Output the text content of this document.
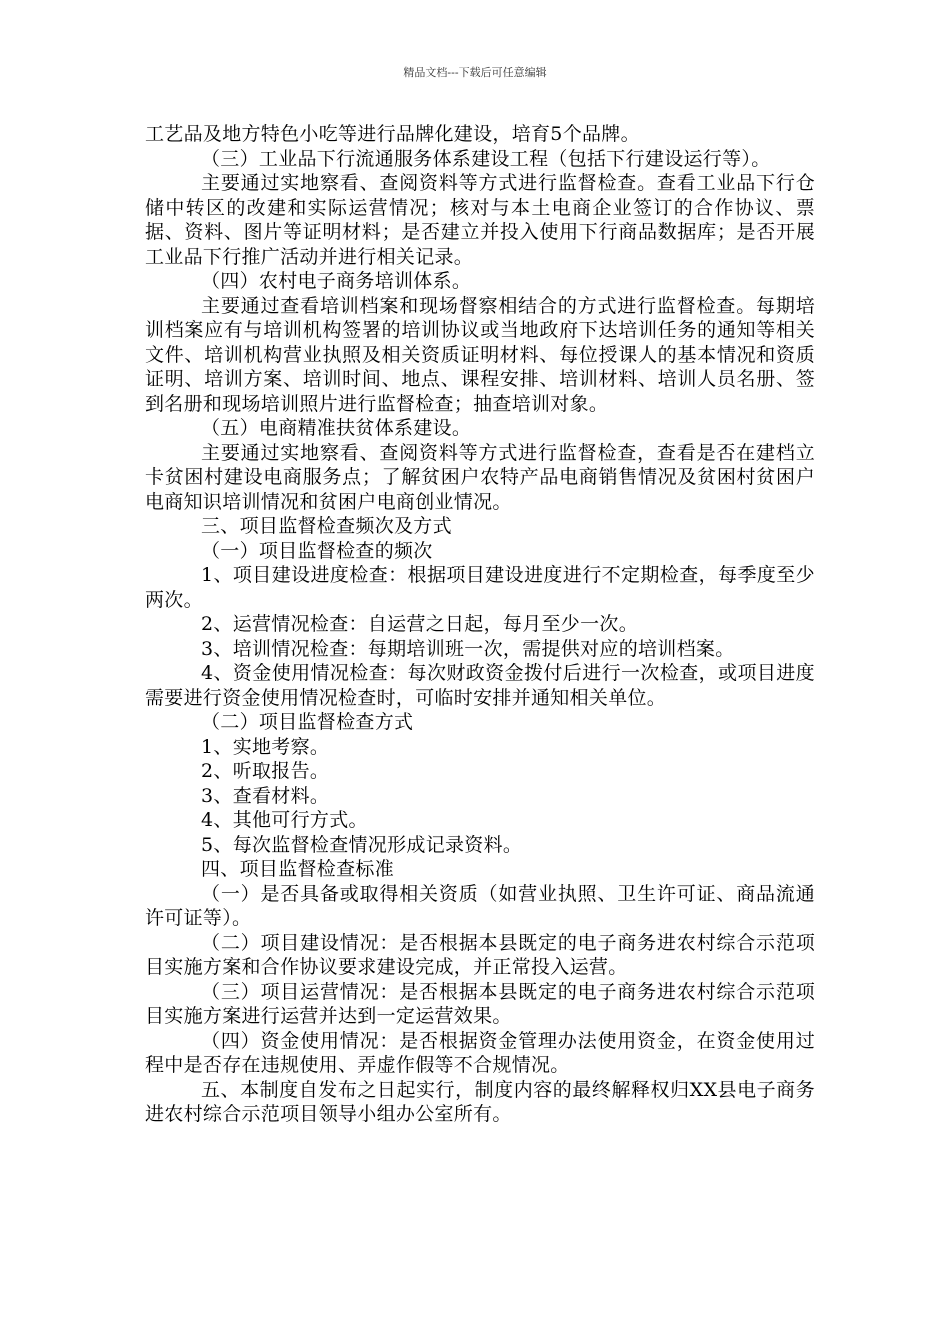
精品文档---下载后可任意编辑

工艺品及地方特色小吃等进行品牌化建设，培育5个品牌。

（三）工业品下行流通服务体系建设工程（包括下行建设运行等）。

主要通过实地察看、查阅资料等方式进行监督检查。查看工业品下行仓储中转区的改建和实际运营情况；核对与本土电商企业签订的合作协议、票据、资料、图片等证明材料；是否建立并投入使用下行商品数据库；是否开展工业品下行推广活动并进行相关记录。

（四）农村电子商务培训体系。

主要通过查看培训档案和现场督察相结合的方式进行监督检查。每期培训档案应有与培训机构签署的培训协议或当地政府下达培训任务的通知等相关文件、培训机构营业执照及相关资质证明材料、每位授课人的基本情况和资质证明、培训方案、培训时间、地点、课程安排、培训材料、培训人员名册、签到名册和现场培训照片进行监督检查；抽查培训对象。

（五）电商精准扶贫体系建设。

主要通过实地察看、查阅资料等方式进行监督检查，查看是否在建档立卡贫困村建设电商服务点；了解贫困户农特产品电商销售情况及贫困村贫困户电商知识培训情况和贫困户电商创业情况。

三、项目监督检查频次及方式

（一）项目监督检查的频次

1、项目建设进度检查：根据项目建设进度进行不定期检查，每季度至少两次。

2、运营情况检查：自运营之日起，每月至少一次。

3、培训情况检查：每期培训班一次，需提供对应的培训档案。

4、资金使用情况检查：每次财政资金拨付后进行一次检查，或项目进度需要进行资金使用情况检查时，可临时安排并通知相关单位。

（二）项目监督检查方式

1、实地考察。

2、听取报告。

3、查看材料。

4、其他可行方式。

5、每次监督检查情况形成记录资料。

四、项目监督检查标准

（一）是否具备或取得相关资质（如营业执照、卫生许可证、商品流通许可证等）。

（二）项目建设情况：是否根据本县既定的电子商务进农村综合示范项目实施方案和合作协议要求建设完成，并正常投入运营。

（三）项目运营情况：是否根据本县既定的电子商务进农村综合示范项目实施方案进行运营并达到一定运营效果。

（四）资金使用情况：是否根据资金管理办法使用资金，在资金使用过程中是否存在违规使用、弄虚作假等不合规情况。

五、本制度自发布之日起实行，制度内容的最终解释权归XX县电子商务进农村综合示范项目领导小组办公室所有。
